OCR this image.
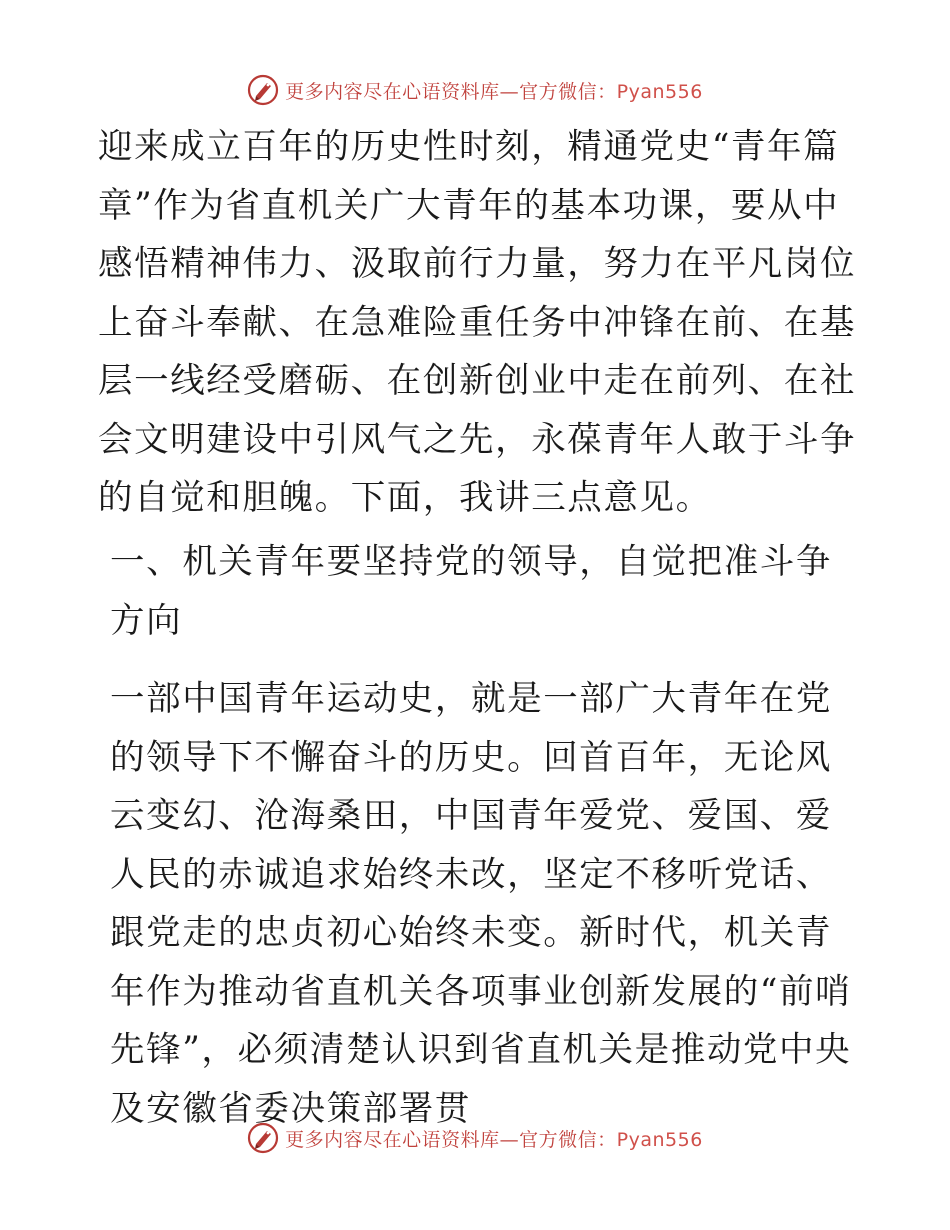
更多内容尽在心语资料库—官方微信：Pyan556

迎来成立百年的历史性时刻，精通党史“青年篇章”作为省直机关广大青年的基本功课，要从中感悟精神伟力、汲取前行力量，努力在平凡岗位上奋斗奉献、在急难险重任务中冲锋在前、在基层一线经受磨砺、在创新创业中走在前列、在社会文明建设中引风气之先，永葆青年人敢于斗争的自觉和胆魄。下面，我讲三点意见。

一、机关青年要坚持党的领导，自觉把准斗争方向

一部中国青年运动史，就是一部广大青年在党的领导下不懈奋斗的历史。回首百年，无论风云变幻、沧海桑田，中国青年爱党、爱国、爱人民的赤诚追求始终未改，坚定不移听党话、跟党走的忠贞初心始终未变。新时代，机关青年作为推动省直机关各项事业创新发展的“前哨先锋”，必须清楚认识到省直机关是推动党中央及安徽省委决策部署贯

更多内容尽在心语资料库—官方微信：Pyan556
